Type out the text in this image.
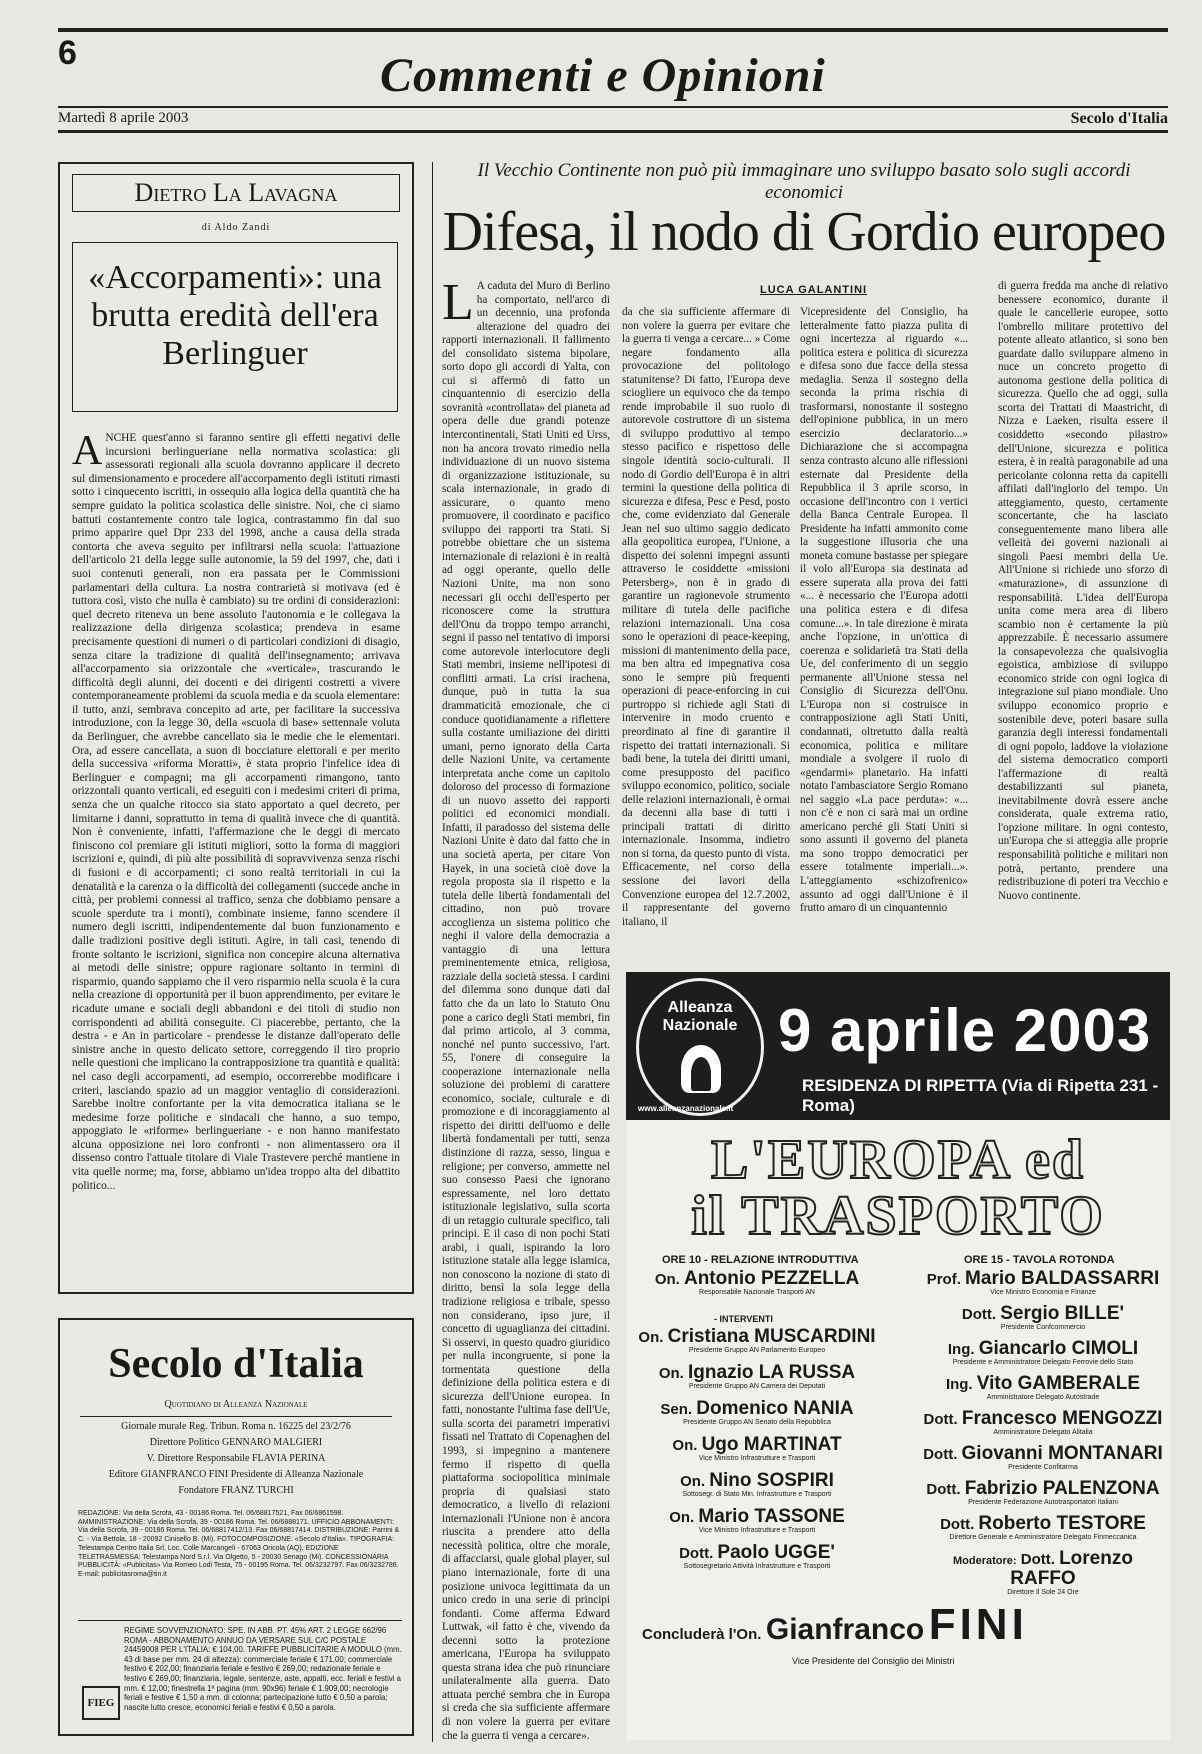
6	Commenti e Opinioni
Martedì 8 aprile 2003	Secolo d'Italia
Dietro La Lavagna
di Aldo Zandi
«Accorpamenti»: una brutta eredità dell'era Berlinguer
ANCHE quest'anno si faranno sentire gli effetti negativi delle incursioni berlingueriane nella normativa scolastica: gli assessorati regionali alla scuola dovranno applicare il decreto sul dimensionamento e procedere all'accorpamento degli istituti rimasti sotto i cinquecento iscritti, in ossequio alla logica della quantità che ha sempre guidato la politica scolastica delle sinistre. Noi, che ci siamo battuti costantemente contro tale logica, contrastammo fin dal suo primo apparire quel Dpr 233 del 1998, anche a causa della strada contorta che aveva seguito per infiltrarsi nella scuola: l'attuazione dell'articolo 21 della legge sulle autonomie, la 59 del 1997, che, dati i suoi contenuti generali, non era passata per le Commissioni parlamentari della cultura. La nostra contrarietà si motivava (ed è tuttora così, visto che nulla è cambiato) su tre ordini di considerazioni: quel decreto riteneva un bene assoluto l'autonomia e le collegava la realizzazione della dirigenza scolastica; prendeva in esame precisamente questioni di numeri o di particolari condizioni di disagio, senza citare la tradizione di qualità dell'insegnamento; arrivava all'accorpamento sia orizzontale che «verticale», trascurando le difficoltà degli alunni, dei docenti e dei dirigenti costretti a vivere contemporaneamente problemi da scuola media e da scuola elementare: il tutto, anzi, sembrava concepito ad arte, per facilitare la successiva introduzione, con la legge 30, della «scuola di base» settennale voluta da Berlinguer, che avrebbe cancellato sia le medie che le elementari. Ora, ad essere cancellata, a suon di bocciature elettorali e per merito della successiva «riforma Moratti», è stata proprio l'infelice idea di Berlinguer e compagni; ma gli accorpamenti rimangono, tanto orizzontali quanto verticali, ed eseguiti con i medesimi criteri di prima, senza che un qualche ritocco sia stato apportato a quel decreto, per limitarne i danni, soprattutto in tema di qualità invece che di quantità. Non è conveniente, infatti, l'affermazione che le deggi di mercato finiscono col premiare gli istituti migliori, sotto la forma di maggiori iscrizioni e, quindi, di più alte possibilità di sopravvivenza senza rischi di fusioni e di accorpamenti; ci sono realtà territoriali in cui la denatalità e la carenza o la difficoltà dei collegamenti (succede anche in città, per problemi connessi al traffico, senza che dobbiamo pensare a scuole sperdute tra i monti), combinate insieme, fanno scendere il numero degli iscritti, indipendentemente dal buon funzionamento e dalle tradizioni positive degli istituti. Agire, in tali casi, tenendo di fronte soltanto le iscrizioni, significa non concepire alcuna alternativa ai metodi delle sinistre; oppure ragionare soltanto in termini di risparmio, quando sappiamo che il vero risparmio nella scuola è la cura nella creazione di opportunità per il buon apprendimento, per evitare le ricadute umane e sociali degli abbandoni e dei titoli di studio non corrispondenti ad abilità conseguite. Ci piacerebbe, pertanto, che la destra - e An in particolare - prendesse le distanze dall'operato delle sinistre anche in questo delicato settore, correggendo il tiro proprio nelle questioni che implicano la contrapposizione tra quantità e qualità: nel caso degli accorpamenti, ad esempio, occorrerebbe modificare i criteri, lasciando spazio ad un maggior ventaglio di considerazioni. Sarebbe inoltre confortante per la vita democratica italiana se le medesime forze politiche e sindacali che hanno, a suo tempo, appoggiato le «riforme» berlingueriane - e non hanno manifestato alcuna opposizione nei loro confronti - non alimentassero ora il dissenso contro l'attuale titolare di Viale Trastevere perché mantiene in vita quelle norme; ma, forse, abbiamo un'idea troppo alta del dibattito politico...
Secolo d'Italia
Quotidiano di Alleanza Nazionale
Giornale murale Reg. Tribun. Roma n. 16225 del 23/2/76
Direttore Politico GENNARO MALGIERI
V. Direttore Responsabile FLAVIA PERINA
Editore GIANFRANCO FINI Presidente di Alleanza Nazionale
Fondatore FRANZ TURCHI
REDAZIONE: Via della Scrofa, 43 - 00186 Roma. Tel. 06/68817521, Fax 06/6861598. AMMINISTRAZIONE: Via della Scrofa, 39 - 00186 Roma. Tel. 06/6888171. UFFICIO ABBONAMENTI: Via della Scrofa, 39 - 00186 Roma. Tel. 06/68817412/13. Fax 06/68817414. DISTRIBUZIONE: Parrini & C. - Via Bettola, 18 - 20092 Cinisello B. (Mi). FOTOCOMPOSIZIONE: «Secolo d'Italia». TIPOGRAFIA: Telestampa Centro Italia Srl, Loc. Colle Marcangeli - 67063 Oricola (AQ). EDIZIONE TELETRASMESSA: Telestampa Nord S.r.l. Via Olgetto, 5 - 20030 Senago (Mi). CONCESSIONARIA PUBBLICITÀ: «Publicitas» Via Romeo Lodi Testa, 75 - 00195 Roma. Tel. 06/3232797. Fax 06/3232786. E-mail: publicitasroma@tin.it
REGIME SOVVENZIONATO: SPE. IN ABB. PT. 45% ART. 2 LEGGE 662/96 ROMA - ABBONAMENTO ANNUO DA VERSARE SUL C/C POSTALE 24459008 PER L'ITALIA: € 104,00. TARIFFE PUBBLICITARIE A MODULO (mm. 43 di base per mm. 24 di altezza): commerciale feriale € 171,00; commerciale festivo € 202,00; finanziaria feriale e festivo € 269,00; redazionale feriale e festivo € 269,00; finanziaria, legale, sentenze, aste, appalti, ecc. feriali e festivi a mm. € 12,00; finestrella 1ª pagina (mm. 90x96) feriale € 1.909,00; necrologie feriali e festive € 1,50 a mm. di colonna; partecipazione lutto € 0,50 a parola; nascite lutto cresce, economici feriali e festivi € 0,50 a parola.
FIEG
Il Vecchio Continente non può più immaginare uno sviluppo basato solo sugli accordi economici
Difesa, il nodo di Gordio europeo
L A caduta del Muro di Berlino ha comportato, nell'arco di un decennio, una profonda alterazione del quadro dei rapporti internazionali. Il fallimento del consolidato sistema bipolare, sorto dopo gli accordi di Yalta, con cui si affermò di fatto un cinquantennio di esercizio della sovranità «controllata» del pianeta ad opera delle due grandi potenze intercontinentali, Stati Uniti ed Urss, non ha ancora trovato rimedio nella individuazione di un nuovo sistema di organizzazione istituzionale, su scala internazionale, in grado di assicurare, o quanto meno promuovere, il coordinato e pacifico sviluppo dei rapporti tra Stati. Si potrebbe obiettare che un sistema internazionale di relazioni è in realtà ad oggi operante, quello delle Nazioni Unite, ma non sono necessari gli occhi dell'esperto per riconoscere come la struttura dell'Onu da troppo tempo arranchi, segni il passo nel tentativo di imporsi come autorevole interlocutore degli Stati membri, insieme nell'ipotesi di conflitti armati. La crisi irachena, dunque, può in tutta la sua drammaticità emozionale, che ci conduce quotidianamente a riflettere sulla costante umiliazione dei diritti umani, perno ignorato della Carta delle Nazioni Unite, va certamente interpretata anche come un capitolo doloroso del processo di formazione di un nuovo assetto dei rapporti politici ed economici mondiali. Infatti, il paradosso del sistema delle Nazioni Unite è dato dal fatto che in una società aperta, per citare Von Hayek, in una società cioè dove la regola proposta sia il rispetto e la tutela delle libertà fondamentali del cittadino, non può trovare accoglienza un sistema politico che neghi il valore della democrazia a vantaggio di una lettura preminentemente etnica, religiosa, razziale della società stessa. I cardini del dilemma sono dunque dati dal fatto che da un lato lo Statuto Onu pone a carico degli Stati membri, fin dal primo articolo, al 3 comma, nonché nel punto successivo, l'art. 55, l'onere di conseguire la cooperazione internazionale nella soluzione dei problemi di carattere economico, sociale, culturale e di promozione e di incoraggiamento al rispetto dei diritti dell'uomo e delle libertà fondamentali per tutti, senza distinzione di razza, sesso, lingua e religione; per converso, ammette nel suo consesso Paesi che ignorano espressamente, nel loro dettato istituzionale legislativo, sulla scorta di un retaggio culturale specifico, tali principi. E il caso di non pochi Stati arabi, i quali, ispirando la loro istituzione statale alla legge islamica, non conoscono la nozione di stato di diritto, bensì la sola legge della tradizione religiosa e tribale, spesso non considerano, ipso jure, il concetto di uguaglianza dei cittadini. Si osservi, in questo quadro giuridico per nulla incongruente, si pone la tormentata questione della definizione della politica estera e di sicurezza dell'Unione europea. In fatti, nonostante l'ultima fase dell'Ue, sulla scorta dei parametri imperativi fissati nel Trattato di Copenaghen del 1993, si impegnino a mantenere fermo il rispetto di quella piattaforma sociopolitica minimale propria di qualsiasi stato democratico, a livello di relazioni internazionali l'Unione non è ancora riuscita a prendere atto della necessità politica, oltre che morale, di affacciarsi, quale global player, sul piano internazionale, forte di una posizione univoca legittimata da un unico credo in una serie di principi fondanti. Come afferma Edward Luttwak, «il fatto è che, vivendo da decenni sotto la protezione americana, l'Europa ha sviluppato questa strana idea che può rinunciare unilateralmente alla guerra. Dato attuata perché sembra che in Europa si creda che sia sufficiente affermare di non volere la guerra per evitare che la guerra ti venga a cercare».
LUCA GALANTINI
da che sia sufficiente affermare di non volere la guerra per evitare che la guerra ti venga a cercare... » Come negare fondamento alla provocazione del politologo statunitense? Di fatto, l'Europa deve sciogliere un equivoco che da tempo rende improbabile il suo ruolo di autorevole costruttore di un sistema di sviluppo produttivo al tempo stesso pacifico e rispettoso delle singole identità socio-culturali. Il nodo di Gordio dell'Europa è in altri termini la questione della politica di sicurezza e difesa, Pesc e Pesd, posto che, come evidenziato dal Generale Jean nel suo ultimo saggio dedicato alla geopolitica europea, l'Unione, a dispetto dei solenni impegni assunti attraverso le cosiddette «missioni Petersberg», non è in grado di garantire un ragionevole strumento militare di tutela delle pacifiche relazioni internazionali. Una cosa sono le operazioni di peace-keeping, missioni di mantenimento della pace, ma ben altra ed impegnativa cosa sono le sempre più frequenti operazioni di peace-enforcing in cui purtroppo si richiede agli Stati di intervenire in modo cruento e preordinato al fine di garantire il rispetto dei trattati internazionali. Si badi bene, la tutela dei diritti umani, come presupposto del pacifico sviluppo economico, politico, sociale delle relazioni internazionali, è ormai da decenni alla base di tutti i principali trattati di diritto internazionale. Insomma, indietro non si torna, da questo punto di vista. Efficacemente, nel corso della sessione dei lavori della Convenzione europea del 12.7.2002, il rappresentante del governo italiano, il
Vicepresidente del Consiglio, ha letteralmente fatto piazza pulita di ogni incertezza al riguardo «... politica estera e politica di sicurezza e difesa sono due facce della stessa medaglia. Senza il sostegno della seconda la prima rischia di trasformarsi, nonostante il sostegno dell'opinione pubblica, in un mero esercizio declaratorio...» Dichiarazione che si accompagna senza contrasto alcuno alle riflessioni esternate dal Presidente della Repubblica il 3 aprile scorso, in occasione dell'incontro con i vertici della Banca Centrale Europea. Il Presidente ha infatti ammonito come la suggestione illusoria che una moneta comune bastasse per spiegare il volo all'Europa sia destinata ad essere superata alla prova dei fatti «... è necessario che l'Europa adotti una politica estera e di difesa comune...». In tale direzione è mirata anche l'opzione, in un'ottica di coerenza e solidarietà tra Stati della Ue, del conferimento di un seggio permanente all'Unione stessa nel Consiglio di Sicurezza dell'Onu. L'Europa non si costruisce in contrapposizione agli Stati Uniti, condannati, oltretutto dalla realtà economica, politica e militare mondiale a svolgere il ruolo di «gendarmi» planetario. Ha infatti notato l'ambasciatore Sergio Romano nel saggio «La pace perduta»: «... non c'è e non ci sarà mai un ordine americano perché gli Stati Uniti si sono assunti il governo del pianeta ma sono troppo democratici per essere totalmente imperiali...». L'atteggiamento «schizofrenico» assunto ad oggi dall'Unione è il frutto amaro di un cinquantennio
di guerra fredda ma anche di relativo benessere economico, durante il quale le cancellerie europee, sotto l'ombrello militare protettivo del potente alleato atlantico, si sono ben guardate dallo sviluppare almeno in nuce un concreto progetto di autonoma gestione della politica di sicurezza. Quello che ad oggi, sulla scorta dei Trattati di Maastricht, di Nizza e Laeken, risulta essere il cosiddetto «secondo pilastro» dell'Unione, sicurezza e politica estera, è in realtà paragonabile ad una pericolante colonna retta da capitelli affilati dall'inglorio del tempo. Un atteggiamento, questo, certamente sconcertante, che ha lasciato conseguentemente mano libera alle velleità dei governi nazionali ai singoli Paesi membri della Ue. All'Unione si richiede uno sforzo di «maturazione», di assunzione di responsabilità. L'idea dell'Europa unita come mera area di libero scambio non è certamente la più apprezzabile. È necessario assumere la consapevolezza che qualsivoglia egoistica, ambiziose di sviluppo economico stride con ogni logica di integrazione sul piano mondiale. Uno sviluppo economico proprio e sostenibile deve, poteri basare sulla garanzia degli interessi fondamentali di ogni popolo, laddove la violazione del sistema democratico comporti l'affermazione di realtà destabilizzanti sul pianeta, inevitabilmente dovrà essere anche considerata, quale extrema ratio, l'opzione militare. In ogni contesto, un'Europa che si atteggia alle proprie responsabilità politiche e militari non potrà, pertanto, prendere una redistribuzione di poteri tra Vecchio e Nuovo continente.
Alleanza Nazionale 9 aprile 2003
RESIDENZA DI RIPETTA (Via di Ripetta 231 - Roma)
www.alleanzanazionale.it
L'EUROPA ed
il TRASPORTO
ORE 10 - RELAZIONE INTRODUTTIVA	ORE 15 - TAVOLA ROTONDA
On. Antonio PEZZELLA
Responsabile Nazionale Trasporti AN
- INTERVENTI
On. Cristiana MUSCARDINI
Presidente Gruppo AN Parlamento Europeo
On. Ignazio LA RUSSA
Presidente Gruppo AN Camera dei Deputati
Sen. Domenico NANIA
Presidente Gruppo AN Senato della Repubblica
On. Ugo MARTINAT
Vice Ministro Infrastrutture e Trasporti
On. Nino SOSPIRI
Sottosegr. di Stato Min. Infrastrutture e Trasporti
On. Mario TASSONE
Vice Ministro Infrastrutture e Trasporti
Dott. Paolo UGGE'
Sottosegretario Attività Infrastrutture e Trasporti
Prof. Mario BALDASSARRI
Vice Ministro Economia e Finanze
Dott. Sergio BILLE'
Presidente Confcommercio
Ing. Giancarlo CIMOLI
Presidente e Amministratore Delegato Ferrovie dello Stato
Ing. Vito GAMBERALE
Amministratore Delegato Autostrade
Dott. Francesco MENGOZZI
Amministratore Delegato Alitalia
Dott. Giovanni MONTANARI
Presidente Confitarma
Dott. Fabrizio PALENZONA
Presidente Federazione Autotrasportatori Italiani
Dott. Roberto TESTORE
Direttore Generale e Amministratore Delegato Finmeccanica
Moderatore: Dott. Lorenzo RAFFO
Direttore Il Sole 24 Ore
Concluderà l'On. Gianfranco FINI
Vice Presidente del Consiglio dei Ministri
